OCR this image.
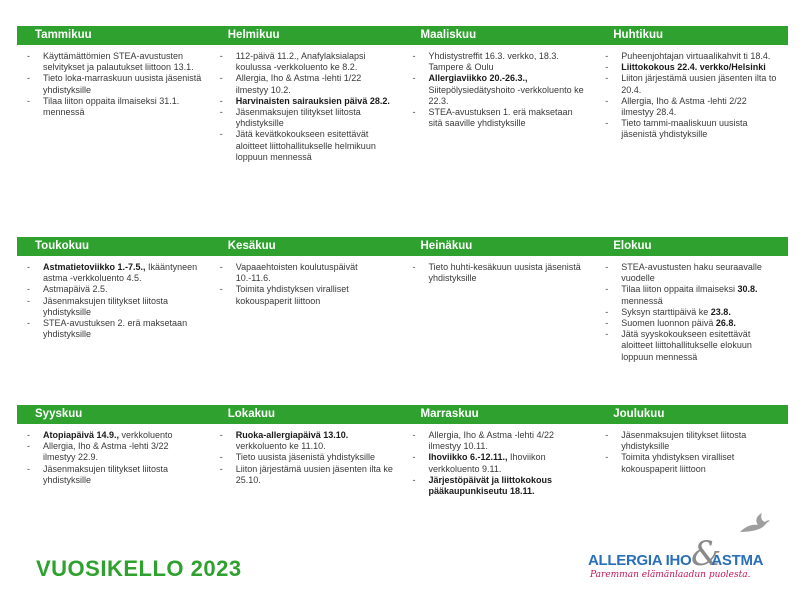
Tammikuu
- Käyttämättömien STEA-avustusten selvitykset ja palautukset liittoon 13.1.
- Tieto loka-marraskuun uusista jäsenistä yhdistyksille
- Tilaa liiton oppaita ilmaiseksi 31.1. mennessä
Helmikuu
- 112-päivä 11.2., Anafylaksialapsi koulussa -verkkoluento ke 8.2.
- Allergia, Iho & Astma -lehti 1/22 ilmestyy 10.2.
- Harvinaisten sairauksien päivä 28.2.
- Jäsenmaksujen tilitykset liitosta yhdistyksille
- Jätä kevätkokoukseen esitettävät aloitteet liittohallitukselle helmikuun loppuun mennessä
Maaliskuu
- Yhdistystreffit 16.3. verkko, 18.3. Tampere & Oulu
- Allergiaviikko 20.-26.3., Siitepölysiedätyshoito -verkkoluento ke 22.3.
- STEA-avustuksen 1. erä maksetaan sitä saaville yhdistyksille
Huhtikuu
- Puheenjohtajan virtuaalikahvit ti 18.4.
- Liittokokous 22.4. verkko/Helsinki
- Liiton järjestämä uusien jäsenten ilta to 20.4.
- Allergia, Iho & Astma -lehti 2/22 ilmestyy 28.4.
- Tieto tammi-maaliskuun uusista jäsenistä yhdistyksille
Toukokuu
- Astmatietoviikko 1.-7.5., Ikääntyneen astma -verkkoluento 4.5.
- Astmapäivä 2.5.
- Jäsenmaksujen tilitykset liitosta yhdistyksille
- STEA-avustuksen 2. erä maksetaan yhdistyksille
Kesäkuu
- Vapaaehtoisten koulutuspäivät 10.-11.6.
- Toimita yhdistyksen viralliset kokouspaperit liittoon
Heinäkuu
- Tieto huhti-kesäkuun uusista jäsenistä yhdistyksille
Elokuu
- STEA-avustusten haku seuraavalle vuodelle
- Tilaa liiton oppaita ilmaiseksi 30.8. mennessä
- Syksyn starttipäivä ke 23.8.
- Suomen luonnon päivä 26.8.
- Jätä syyskokoukseen esitettävät aloitteet liittohallitukselle elokuun loppuun mennessä
Syyskuu
- Atopiapäivä 14.9., verkkoluento
- Allergia, Iho & Astma -lehti 3/22 ilmestyy 22.9.
- Jäsenmaksujen tilitykset liitosta yhdistyksille
Lokakuu
- Ruoka-allergiapäivä 13.10. verkkoluento ke 11.10.
- Tieto uusista jäsenistä yhdistyksille
- Liiton järjestämä uusien jäsenten ilta ke 25.10.
Marraskuu
- Allergia, Iho & Astma -lehti 4/22 ilmestyy 10.11.
- Ihoviikko 6.-12.11., Ihoviikon verkkoluento 9.11.
- Järjestöpäivät ja liittokokous pääkaupunkiseutu 18.11.
Joulukuu
- Jäsenmaksujen tilitykset liitosta yhdistyksille
- Toimita yhdistyksen viralliset kokouspaperit liittoon
VUOSIKELLO 2023	&
ALLERGIA IHO ASTMA
Paremman elämänlaadun puolesta.
